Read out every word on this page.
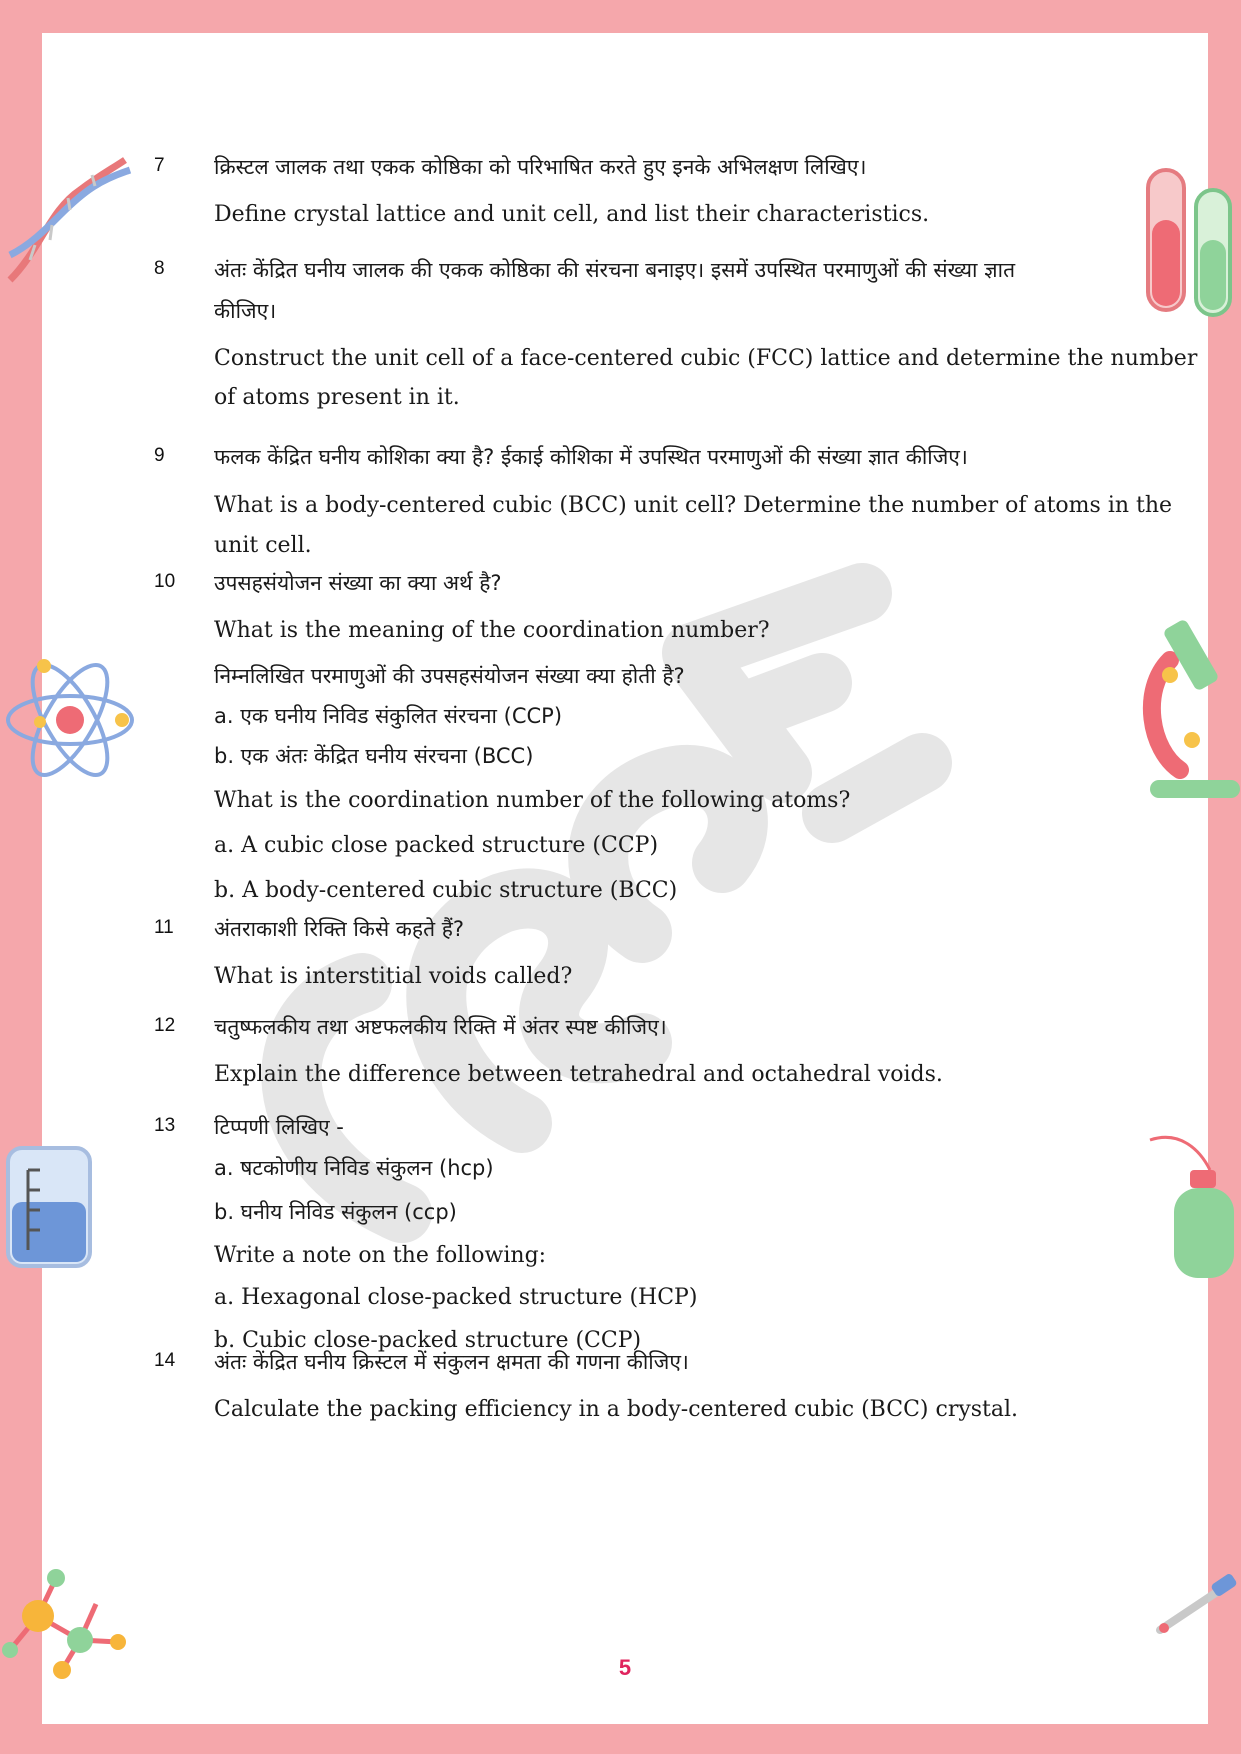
7	क्रिस्टल जालक तथा एकक कोष्ठिका को परिभाषित करते हुए इनके अभिलक्षण लिखिए।
Define crystal lattice and unit cell, and list their characteristics.
8	अंतः केंद्रित घनीय जालक की एकक कोष्ठिका की संरचना बनाइए। इसमें उपस्थित परमाणुओं की संख्या ज्ञात
कीजिए।
Construct the unit cell of a face-centered cubic (FCC) lattice and determine the number
of atoms present in it.
9	फलक केंद्रित घनीय कोशिका क्या है? ईकाई कोशिका में उपस्थित परमाणुओं की संख्या ज्ञात कीजिए।
What is a body-centered cubic (BCC) unit cell? Determine the number of atoms in the
unit cell.
10	उपसहसंयोजन संख्या का क्या अर्थ है?
What is the meaning of the coordination number?
निम्नलिखित परमाणुओं की उपसहसंयोजन संख्या क्या होती है?
a. एक घनीय निविड संकुलित संरचना (CCP)
b. एक अंतः केंद्रित घनीय संरचना (BCC)
What is the coordination number of the following atoms?
a. A cubic close packed structure (CCP)
b. A body-centered cubic structure (BCC)
11	अंतराकाशी रिक्ति किसे कहते हैं?
What is interstitial voids called?
12	चतुष्फलकीय तथा अष्टफलकीय रिक्ति में अंतर स्पष्ट कीजिए।
Explain the difference between tetrahedral and octahedral voids.
13	टिप्पणी लिखिए -
a. षटकोणीय निविड संकुलन (hcp)
b. घनीय निविड संकुलन (ccp)
Write a note on the following:
a. Hexagonal close-packed structure (HCP)
b. Cubic close-packed structure (CCP)
14	अंतः केंद्रित घनीय क्रिस्टल में संकुलन क्षमता की गणना कीजिए।
Calculate the packing efficiency in a body-centered cubic (BCC) crystal.
5
